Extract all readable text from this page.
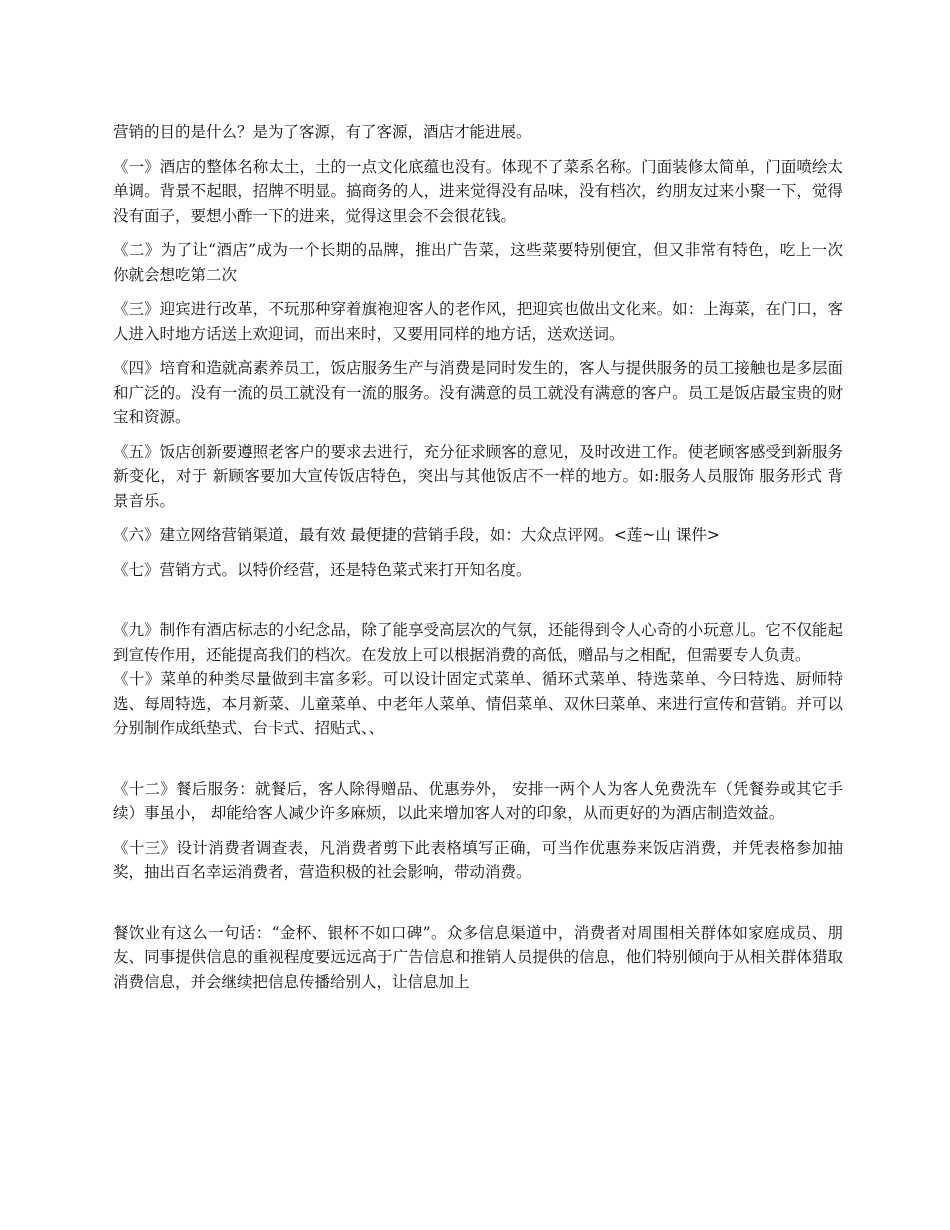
营销的目的是什么？是为了客源，有了客源，酒店才能进展。

《一》酒店的整体名称太土，土的一点文化底蕴也没有。体现不了菜系名称。门面装修太简单，门面喷绘太单调。背景不起眼，招牌不明显。搞商务的人，进来觉得没有品味，没有档次，约朋友过来小聚一下，觉得没有面子，要想小酢一下的进来，觉得这里会不会很花钱。

《二》为了让“酒店”成为一个长期的品牌，推出广告菜，这些菜要特别便宜，但又非常有特色，吃上一次 你就会想吃第二次

《三》迎宾进行改革，不玩那种穿着旗袍迎客人的老作风，把迎宾也做出文化来。如：上海菜，在门口，客人进入时地方话送上欢迎词，而出来时，又要用同样的地方话，送欢送词。

《四》培育和造就高素养员工，饭店服务生产与消费是同时发生的，客人与提供服务的员工接触也是多层面和广泛的。没有一流的员工就没有一流的服务。没有满意的员工就没有满意的客户。员工是饭店最宝贵的财宝和资源。

《五》饭店创新要遵照老客户的要求去进行，充分征求顾客的意见，及时改进工作。使老顾客感受到新服务新变化，对于 新顾客要加大宣传饭店特色，突出与其他饭店不一样的地方。如:服务人员服饰 服务形式 背景音乐。

《六》建立网络营销渠道，最有效 最便捷的营销手段，如：大众点评网。<莲~山 课件>

《七》营销方式。以特价经营，还是特色菜式来打开知名度。

《九》制作有酒店标志的小纪念品，除了能享受高层次的气氛，还能得到令人心奇的小玩意儿。它不仅能起到宣传作用，还能提高我们的档次。在发放上可以根据消费的高低，赠品与之相配，但需要专人负责。

《十》菜单的种类尽量做到丰富多彩。可以设计固定式菜单、循环式菜单、特选菜单、今曰特选、厨师特选、每周特选，本月新菜、儿童菜单、中老年人菜单、情侣菜单、双休曰菜单、来进行宣传和营销。并可以分别制作成纸垫式、台卡式、招贴式、、

《十二》餐后服务：就餐后，客人除得赠品、优惠券外， 安排一两个人为客人免费洗车（凭餐券或其它手续）事虽小， 却能给客人减少许多麻烦，以此来增加客人对的印象，从而更好的为酒店制造效益。

《十三》设计消费者调查表，凡消费者剪下此表格填写正确，可当作优惠券来饭店消费，并凭表格参加抽奖，抽出百名幸运消费者，营造积极的社会影响，带动消费。

餐饮业有这么一句话：“金杯、银杯不如口碑”。众多信息渠道中，消费者对周围相关群体如家庭成员、朋友、同事提供信息的重视程度要远远高于广告信息和推销人员提供的信息，他们特别倾向于从相关群体猎取消费信息，并会继续把信息传播给别人，让信息加上
